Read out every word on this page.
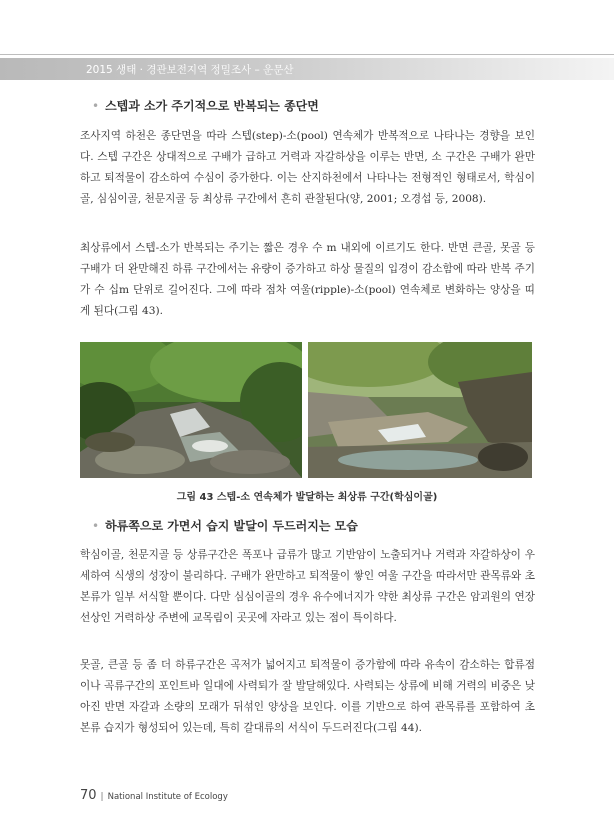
2015 생태 · 경관보전지역 정밀조사 – 운문산
• 스텝과 소가 주기적으로 반복되는 종단면

조사지역 하천은 종단면을 따라 스텝(step)-소(pool) 연속체가 반복적으로 나타나는 경향을 보인다. 스텝 구간은 상대적으로 구배가 급하고 거력과 자갈하상을 이루는 반면, 소 구간은 구배가 완만하고 퇴적물이 감소하여 수심이 증가한다. 이는 산지하천에서 나타나는 전형적인 형태로서, 학심이골, 심심이골, 천문지골 등 최상류 구간에서 흔히 관찰된다(양, 2001; 오경섭 등, 2008).

최상류에서 스텝-소가 반복되는 주기는 짧은 경우 수 m 내외에 이르기도 한다. 반면 큰골, 못골 등 구배가 더 완만해진 하류 구간에서는 유량이 증가하고 하상 물질의 입경이 감소함에 따라 반복 주기가 수 십m 단위로 길어진다. 그에 따라 점차 여울(ripple)-소(pool) 연속체로 변화하는 양상을 띠게 된다(그림 43).

그림 43 스텝-소 연속체가 발달하는 최상류 구간(학심이골)
• 하류쪽으로 가면서 습지 발달이 두드러지는 모습

학심이골, 천문지골 등 상류구간은 폭포나 급류가 많고 기반암이 노출되거나 거력과 자갈하상이 우세하여 식생의 성장이 불리하다. 구배가 완만하고 퇴적물이 쌓인 여울 구간을 따라서만 관목류와 초본류가 일부 서식할 뿐이다. 다만 심심이골의 경우 유수에너지가 약한 최상류 구간은 암괴원의 연장선상인 거력하상 주변에 교목림이 곳곳에 자라고 있는 점이 특이하다.

못골, 큰골 등 좀 더 하류구간은 곡저가 넓어지고 퇴적물이 증가함에 따라 유속이 감소하는 합류점이나 곡류구간의 포인트바 일대에 사력퇴가 잘 발달해있다. 사력퇴는 상류에 비해 거력의 비중은 낮아진 반면 자갈과 소량의 모래가 뒤섞인 양상을 보인다. 이를 기반으로 하여 관목류를 포함하여 초본류 습지가 형성되어 있는데, 특히 갈대류의 서식이 두드러진다(그림 44).

70 | National Institute of Ecology
